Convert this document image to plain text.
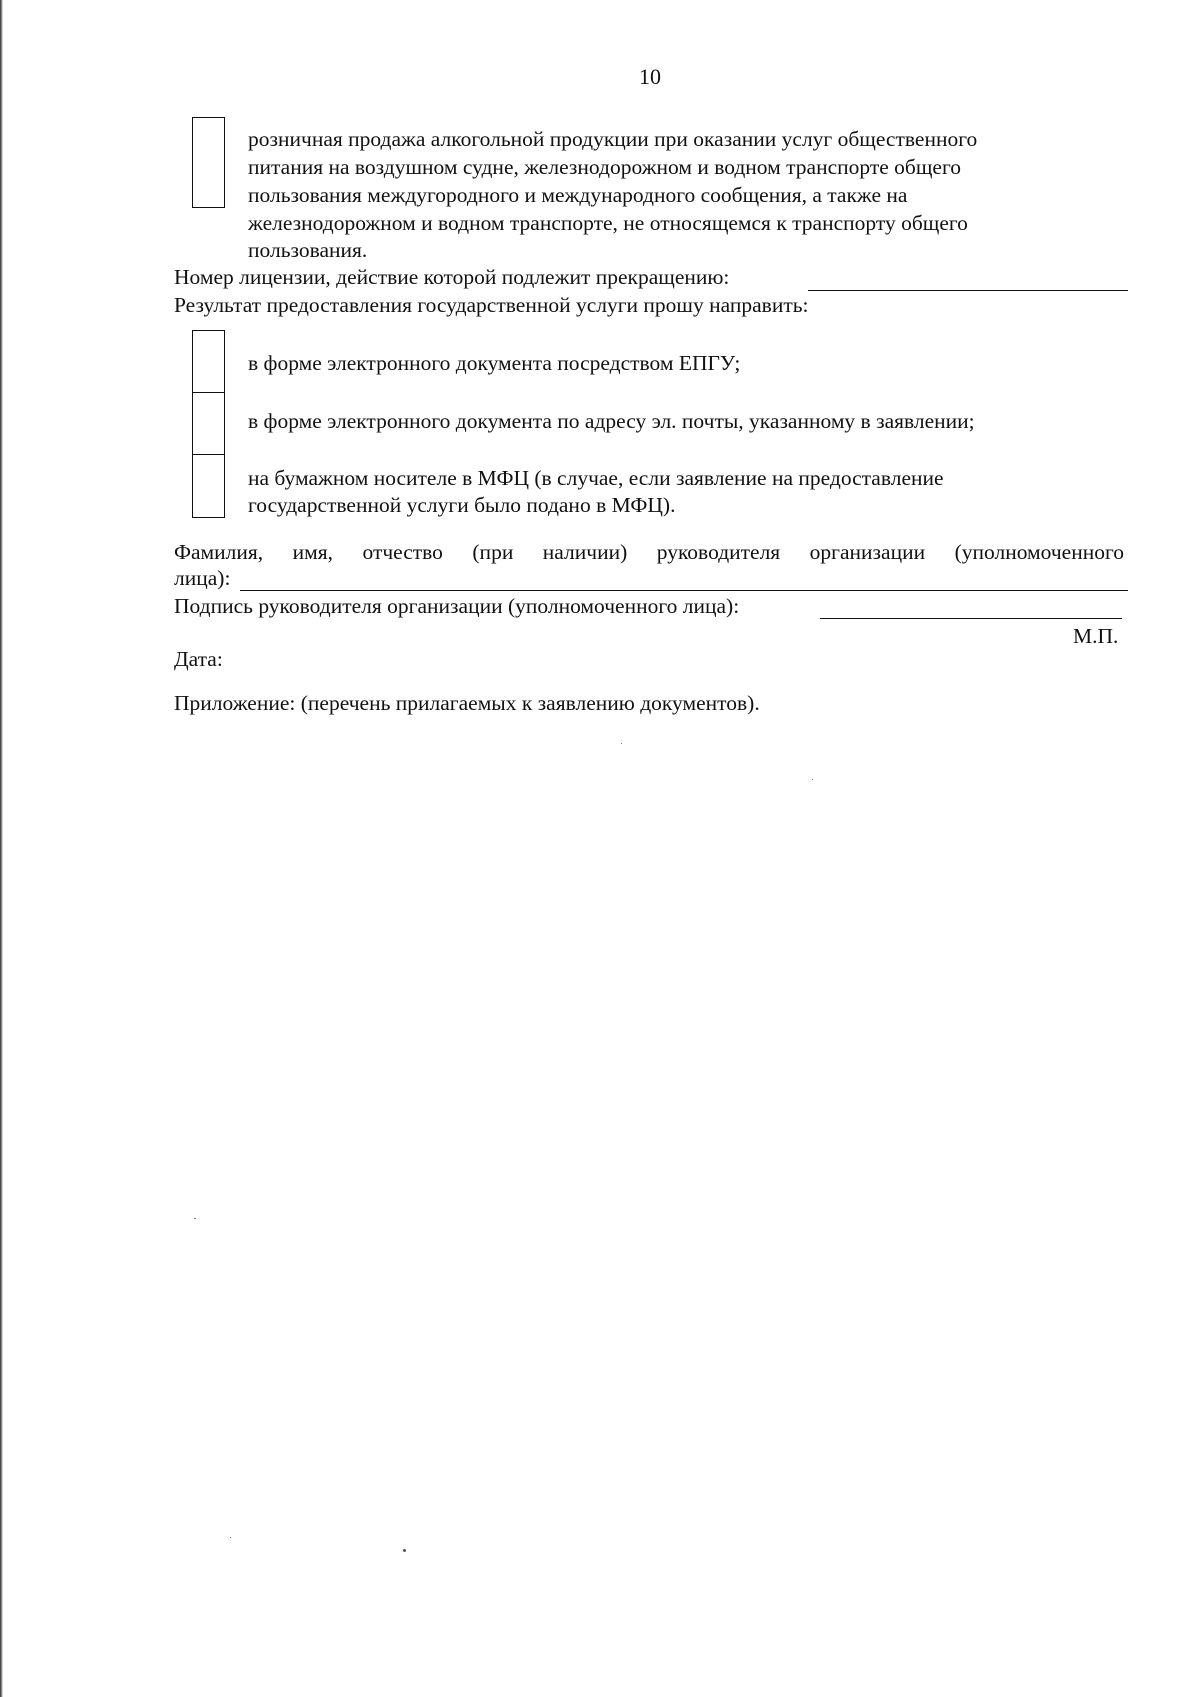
10
розничная продажа алкогольной продукции при оказании услуг общественного
питания на воздушном судне, железнодорожном и водном транспорте общего
пользования междугородного и международного сообщения, а также на
железнодорожном и водном транспорте, не относящемся к транспорту общего
пользования.
Номер лицензии, действие которой подлежит прекращению:
Результат предоставления государственной услуги прошу направить:
в форме электронного документа посредством ЕПГУ;
в форме электронного документа по адресу эл. почты, указанному в заявлении;
на бумажном носителе в МФЦ (в случае, если заявление на предоставление
государственной услуги было подано в МФЦ).
Фамилия, имя, отчество (при наличии) руководителя организации (уполномоченного
лица):
Подпись руководителя организации (уполномоченного лица):
М.П.
Дата:
Приложение: (перечень прилагаемых к заявлению документов).
